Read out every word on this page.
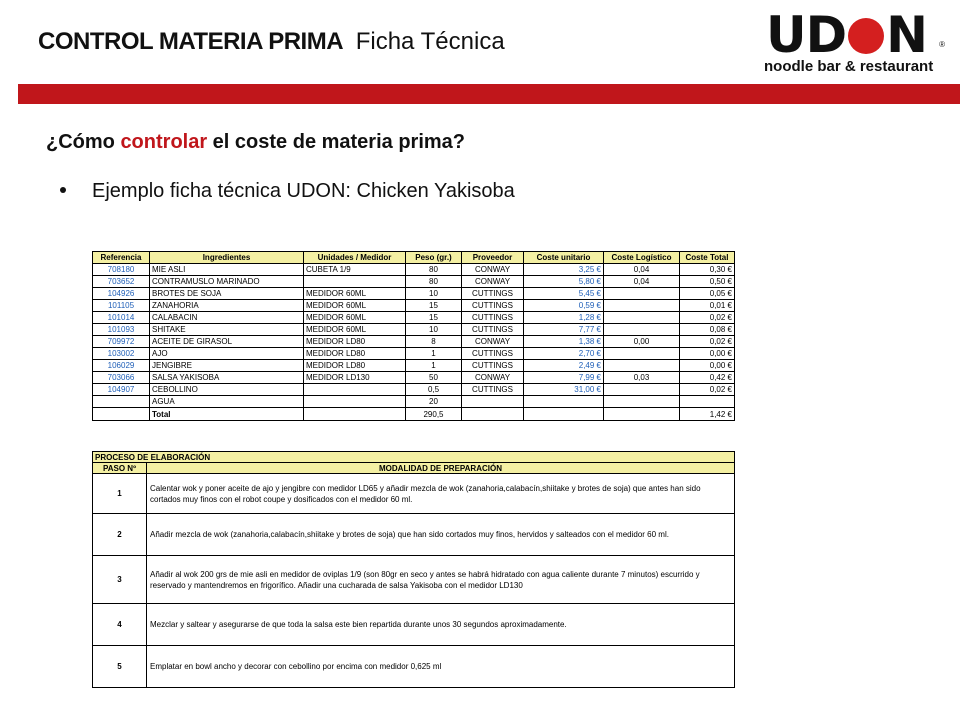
CONTROL MATERIA PRIMA Ficha Técnica	UD N ®
noodle bar & restaurant
¿Cómo controlar el coste de materia prima?
Ejemplo ficha técnica UDON: Chicken Yakisoba
Referencia	Ingredientes	Unidades / Medidor	Peso (gr.)	Proveedor	Coste unitario	Coste Logístico	Coste Total
708180	MIE ASLI	CUBETA 1/9	80	CONWAY	3,25 €	0,04	0,30 €
703652	CONTRAMUSLO MARINADO		80	CONWAY	5,80 €	0,04	0,50 €
104926	BROTES DE SOJA	MEDIDOR 60ML	10	CUTTINGS	5,45 €		0,05 €
101105	ZANAHORIA	MEDIDOR 60ML	15	CUTTINGS	0,59 €		0,01 €
101014	CALABACIN	MEDIDOR 60ML	15	CUTTINGS	1,28 €		0,02 €
101093	SHITAKE	MEDIDOR 60ML	10	CUTTINGS	7,77 €		0,08 €
709972	ACEITE DE GIRASOL	MEDIDOR LD80	8	CONWAY	1,38 €	0,00	0,02 €
103002	AJO	MEDIDOR LD80	1	CUTTINGS	2,70 €		0,00 €
106029	JENGIBRE	MEDIDOR LD80	1	CUTTINGS	2,49 €		0,00 €
703066	SALSA YAKISOBA	MEDIDOR LD130	50	CONWAY	7,99 €	0,03	0,42 €
104907	CEBOLLINO		0,5	CUTTINGS	31,00 €		0,02 €
	AGUA		20				
	Total		290,5				1,42 €
PROCESO DE ELABORACIÓN	
PASO Nº	MODALIDAD DE PREPARACIÓN
1	Calentar wok y poner aceite de ajo y jengibre con medidor LD65 y añadir mezcla de wok (zanahoria,calabacín,shiitake y brotes de soja) que antes han sido cortados muy finos con el robot coupe y dosificados con el medidor 60 ml.
2	Añadir mezcla de wok (zanahoria,calabacín,shiitake y brotes de soja) que han sido cortados muy finos, hervidos y salteados con el medidor 60 ml.
3	Añadir al wok 200 grs de mie asli en medidor de oviplas 1/9 (son 80gr en seco y antes se habrá hidratado con agua caliente durante 7 minutos) escurrido y reservado y mantendremos en frigorífico. Añadir una cucharada de salsa Yakisoba con el medidor LD130
4	Mezclar y saltear y asegurarse de que toda la salsa este bien repartida durante unos 30 segundos aproximadamente.
5	Emplatar en bowl ancho y decorar con cebollino por encima con medidor 0,625 ml
